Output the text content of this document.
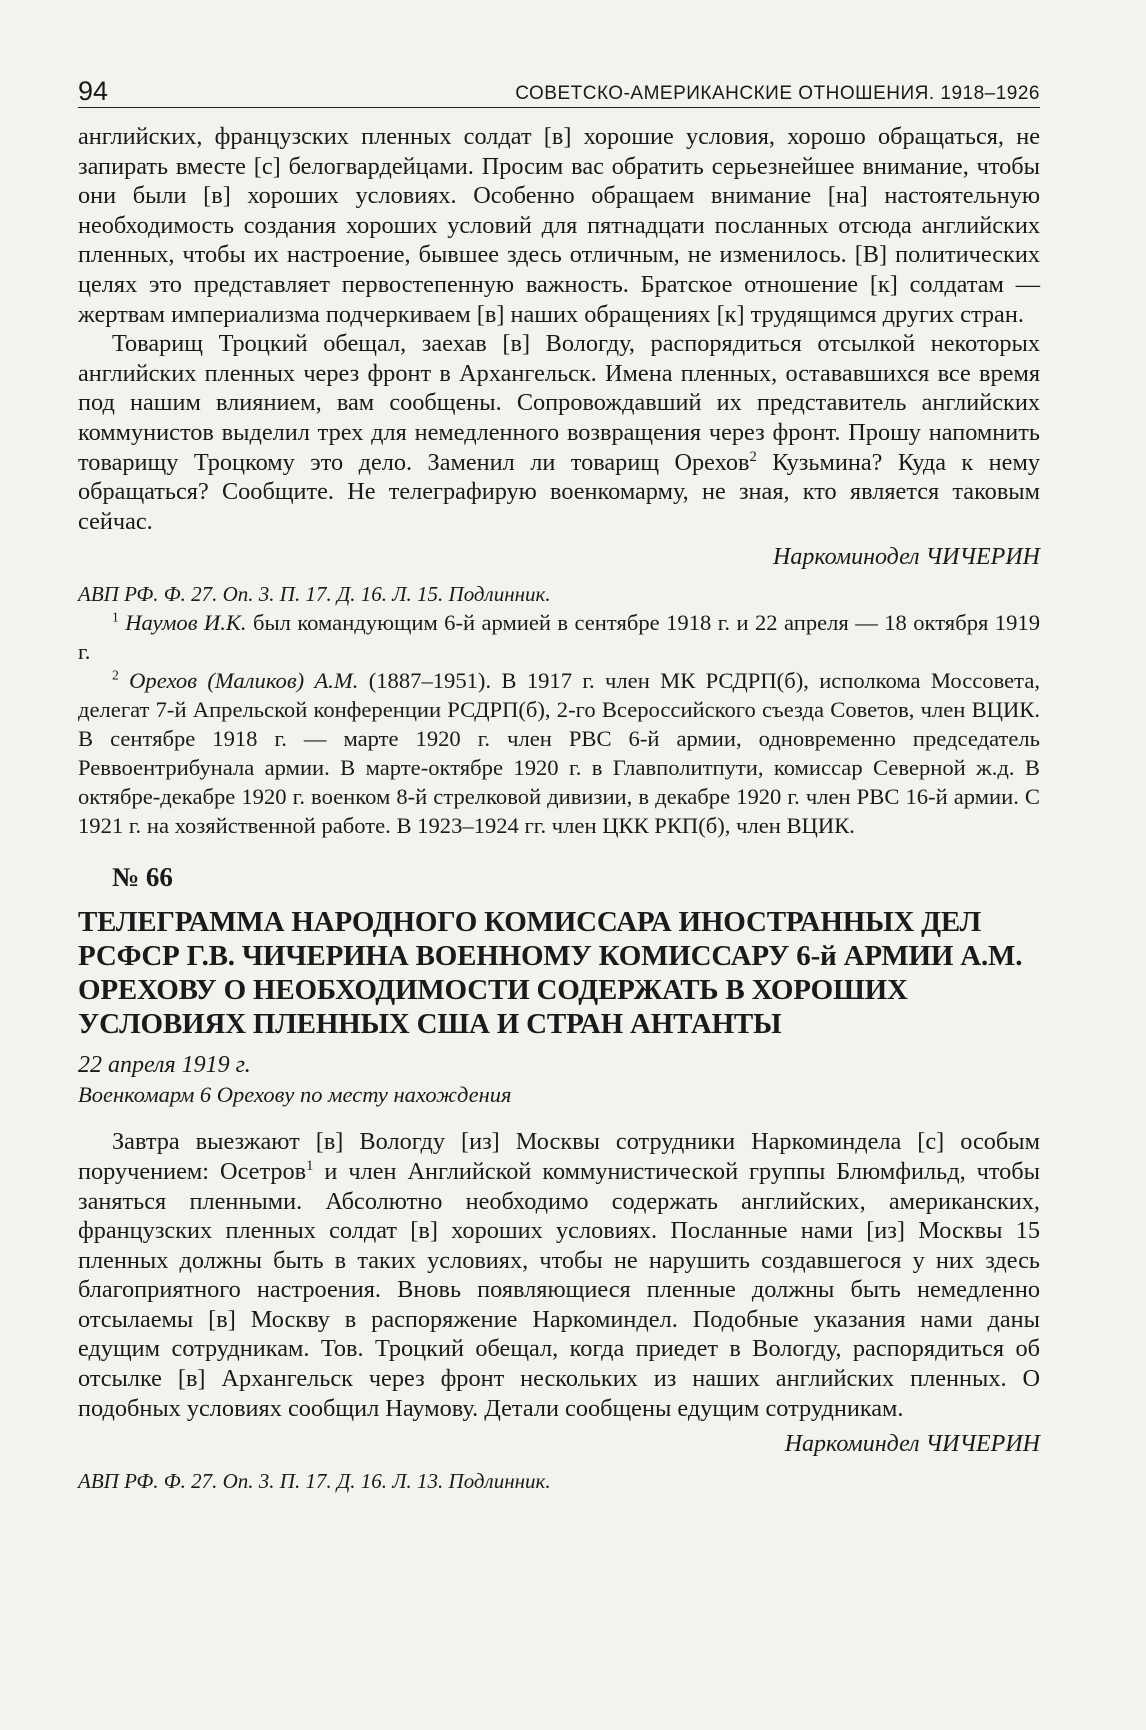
94	СОВЕТСКО-АМЕРИКАНСКИЕ ОТНОШЕНИЯ. 1918–1926

английских, французских пленных солдат [в] хорошие условия, хорошо обращаться, не запирать вместе [с] белогвардейцами. Просим вас обратить серьезнейшее внимание, чтобы они были [в] хороших условиях. Особенно обращаем внимание [на] настоятельную необходимость создания хороших условий для пятнадцати посланных отсюда английских пленных, чтобы их настроение, бывшее здесь отличным, не изменилось. [В] политических целях это представляет первостепенную важность. Братское отношение [к] солдатам — жертвам империализма подчеркиваем [в] наших обращениях [к] трудящимся других стран.

Товарищ Троцкий обещал, заехав [в] Вологду, распорядиться отсылкой некоторых английских пленных через фронт в Архангельск. Имена пленных, остававшихся все время под нашим влиянием, вам сообщены. Сопровождавший их представитель английских коммунистов выделил трех для немедленного возвращения через фронт. Прошу напомнить товарищу Троцкому это дело. Заменил ли товарищ Орехов$^2$ Кузьмина? Куда к нему обращаться? Сообщите. Не телеграфирую военкомарму, не зная, кто является таковым сейчас.

Наркоминодел ЧИЧЕРИН
АВП РФ. Ф. 27. Оп. 3. П. 17. Д. 16. Л. 15. Подлинник.
$^1$ Наумов И.К. был командующим 6-й армией в сентябре 1918 г. и 22 апреля — 18 октября 1919 г.
$^2$ Орехов (Маликов) А.М. (1887–1951). В 1917 г. член МК РСДРП(б), исполкома Моссовета, делегат 7-й Апрельской конференции РСДРП(б), 2-го Всероссийского съезда Советов, член ВЦИК. В сентябре 1918 г. — марте 1920 г. член РВС 6-й армии, одновременно председатель Реввоентрибунала армии. В марте-октябре 1920 г. в Главполитпути, комиссар Северной ж.д. В октябре-декабре 1920 г. военком 8-й стрелковой дивизии, в декабре 1920 г. член РВС 16-й армии. С 1921 г. на хозяйственной работе. В 1923–1924 гг. член ЦКК РКП(б), член ВЦИК.
№ 66
ТЕЛЕГРАММА НАРОДНОГО КОМИССАРА ИНОСТРАННЫХ ДЕЛ РСФСР Г.В. ЧИЧЕРИНА ВОЕННОМУ КОМИССАРУ 6-й АРМИИ А.М. ОРЕХОВУ О НЕОБХОДИМОСТИ СОДЕРЖАТЬ В ХОРОШИХ УСЛОВИЯХ ПЛЕННЫХ США И СТРАН АНТАНТЫ
22 апреля 1919 г.
Военкомарм 6 Орехову по месту нахождения

Завтра выезжают [в] Вологду [из] Москвы сотрудники Наркоминдела [с] особым поручением: Осетров$^1$ и член Английской коммунистической группы Блюмфильд, чтобы заняться пленными. Абсолютно необходимо содержать английских, американских, французских пленных солдат [в] хороших условиях. Посланные нами [из] Москвы 15 пленных должны быть в таких условиях, чтобы не нарушить создавшегося у них здесь благоприятного настроения. Вновь появляющиеся пленные должны быть немедленно отсылаемы [в] Москву в распоряжение Наркоминдел. Подобные указания нами даны едущим сотрудникам. Тов. Троцкий обещал, когда приедет в Вологду, распорядиться об отсылке [в] Архангельск через фронт нескольких из наших английских пленных. О подобных условиях сообщил Наумову. Детали сообщены едущим сотрудникам.

Наркоминдел ЧИЧЕРИН
АВП РФ. Ф. 27. Оп. 3. П. 17. Д. 16. Л. 13. Подлинник.
